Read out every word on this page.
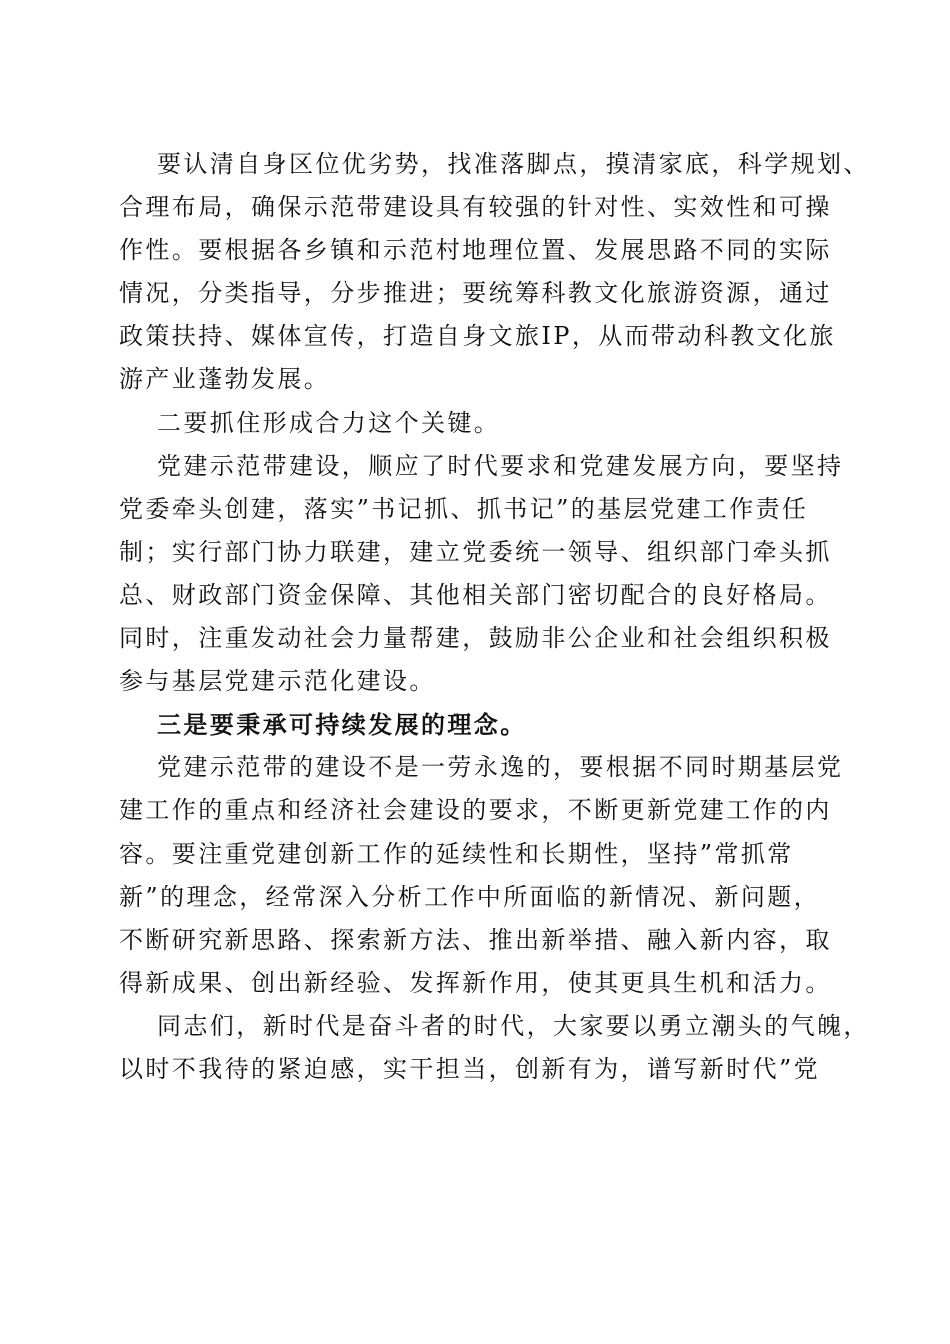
要认清自身区位优劣势，找准落脚点，摸清家底，科学规划、
合理布局，确保示范带建设具有较强的针对性、实效性和可操
作性。要根据各乡镇和示范村地理位置、发展思路不同的实际
情况，分类指导，分步推进；要统筹科教文化旅游资源，通过
政策扶持、媒体宣传，打造自身文旅IP，从而带动科教文化旅
游产业蓬勃发展。
二要抓住形成合力这个关键。
党建示范带建设，顺应了时代要求和党建发展方向，要坚持
党委牵头创建，落实”书记抓、抓书记”的基层党建工作责任
制；实行部门协力联建，建立党委统一领导、组织部门牵头抓
总、财政部门资金保障、其他相关部门密切配合的良好格局。
同时，注重发动社会力量帮建，鼓励非公企业和社会组织积极
参与基层党建示范化建设。
三是要秉承可持续发展的理念。
党建示范带的建设不是一劳永逸的，要根据不同时期基层党
建工作的重点和经济社会建设的要求，不断更新党建工作的内
容。要注重党建创新工作的延续性和长期性，坚持”常抓常
新”的理念，经常深入分析工作中所面临的新情况、新问题，
不断研究新思路、探索新方法、推出新举措、融入新内容，取
得新成果、创出新经验、发挥新作用，使其更具生机和活力。
同志们，新时代是奋斗者的时代，大家要以勇立潮头的气魄，
以时不我待的紧迫感，实干担当，创新有为，谱写新时代”党
